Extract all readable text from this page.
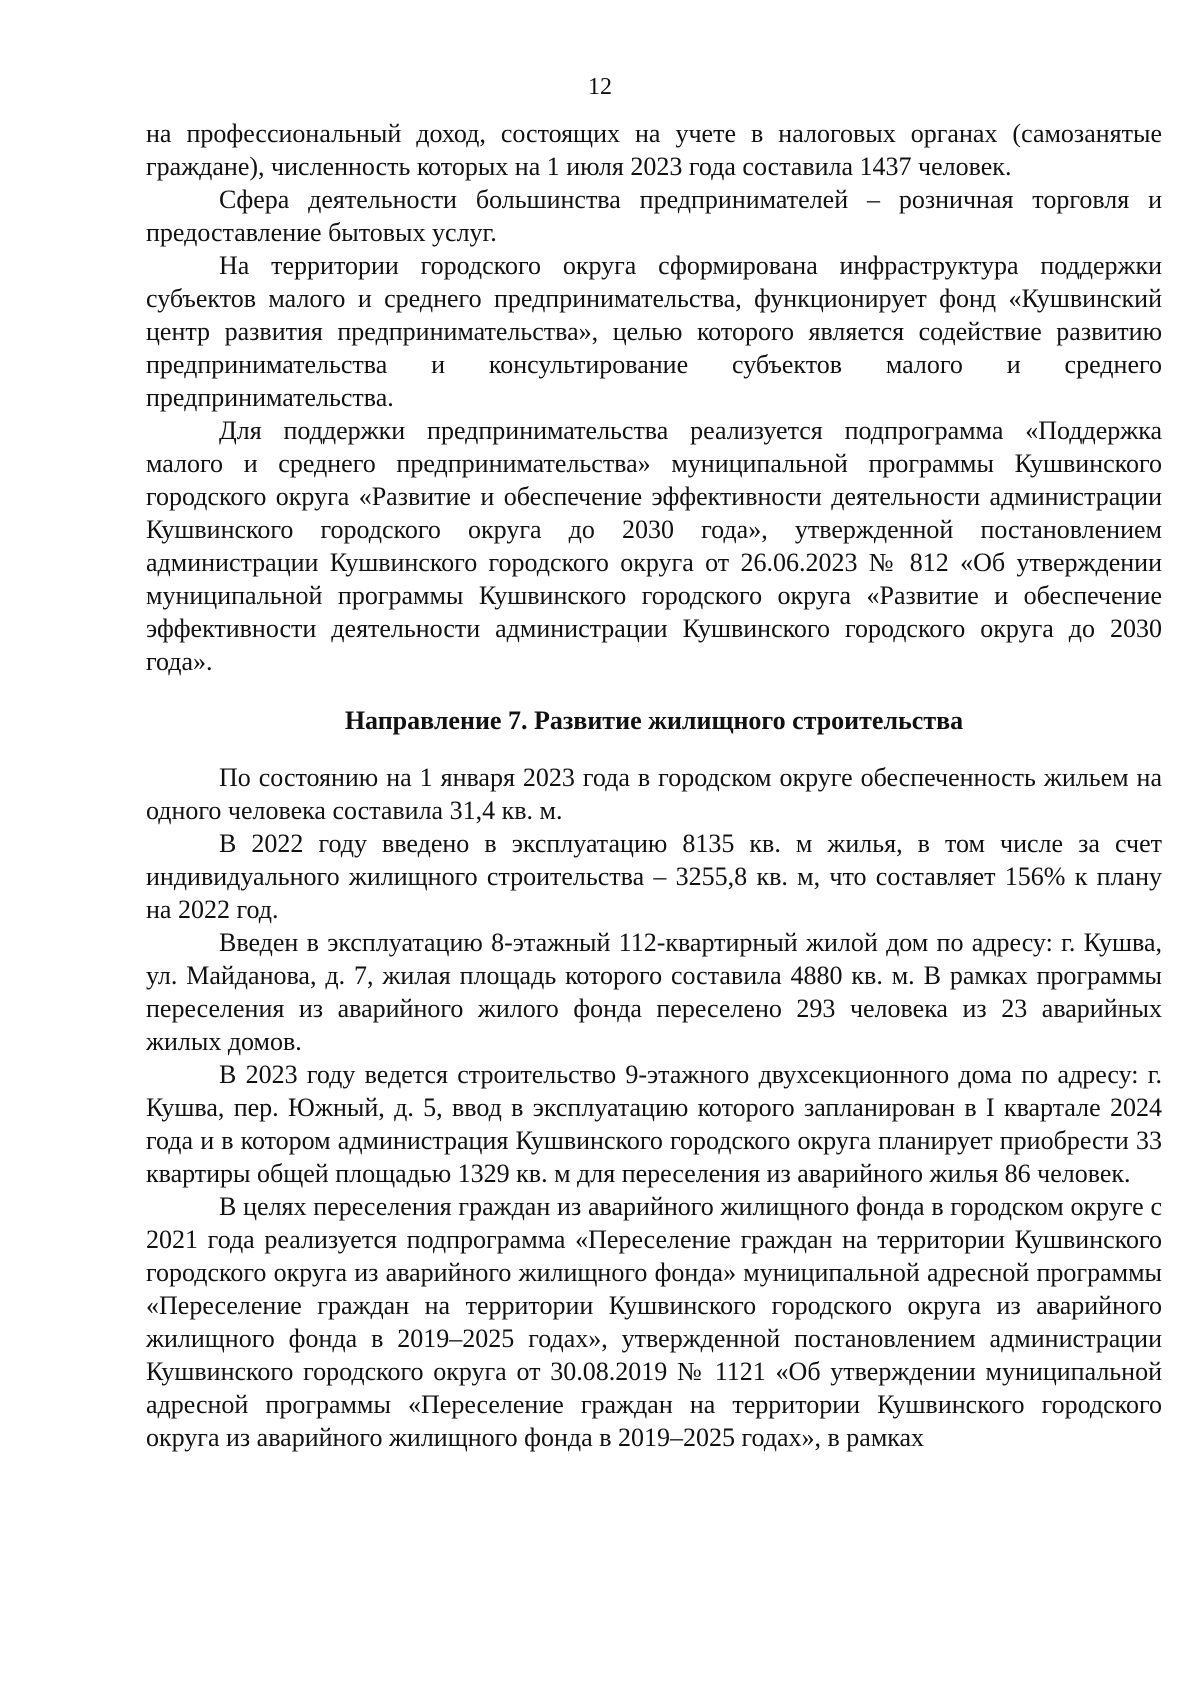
12

на профессиональный доход, состоящих на учете в налоговых органах (самозанятые граждане), численность которых на 1 июля 2023 года составила 1437 человек.

Сфера деятельности большинства предпринимателей – розничная торговля и предоставление бытовых услуг.

На территории городского округа сформирована инфраструктура поддержки субъектов малого и среднего предпринимательства, функционирует фонд «Кушвинский центр развития предпринимательства», целью которого является содействие развитию предпринимательства и консультирование субъектов малого и среднего предпринимательства.

Для поддержки предпринимательства реализуется подпрограмма «Поддержка малого и среднего предпринимательства» муниципальной программы Кушвинского городского округа «Развитие и обеспечение эффективности деятельности администрации Кушвинского городского округа до 2030 года», утвержденной постановлением администрации Кушвинского городского округа от 26.06.2023 № 812 «Об утверждении муниципальной программы Кушвинского городского округа «Развитие и обеспечение эффективности деятельности администрации Кушвинского городского округа до 2030 года».

Направление 7. Развитие жилищного строительства

По состоянию на 1 января 2023 года в городском округе обеспеченность жильем на одного человека составила 31,4 кв. м.

В 2022 году введено в эксплуатацию 8135 кв. м жилья, в том числе за счет индивидуального жилищного строительства – 3255,8 кв. м, что составляет 156% к плану на 2022 год.

Введен в эксплуатацию 8-этажный 112-квартирный жилой дом по адресу: г. Кушва, ул. Майданова, д. 7, жилая площадь которого составила 4880 кв. м. В рамках программы переселения из аварийного жилого фонда переселено 293 человека из 23 аварийных жилых домов.

В 2023 году ведется строительство 9-этажного двухсекционного дома по адресу: г. Кушва, пер. Южный, д. 5, ввод в эксплуатацию которого запланирован в I квартале 2024 года и в котором администрация Кушвинского городского округа планирует приобрести 33 квартиры общей площадью 1329 кв. м для переселения из аварийного жилья 86 человек.

В целях переселения граждан из аварийного жилищного фонда в городском округе с 2021 года реализуется подпрограмма «Переселение граждан на территории Кушвинского городского округа из аварийного жилищного фонда» муниципальной адресной программы «Переселение граждан на территории Кушвинского городского округа из аварийного жилищного фонда в 2019–2025 годах», утвержденной постановлением администрации Кушвинского городского округа от 30.08.2019 № 1121 «Об утверждении муниципальной адресной программы «Переселение граждан на территории Кушвинского городского округа из аварийного жилищного фонда в 2019–2025 годах», в рамках
